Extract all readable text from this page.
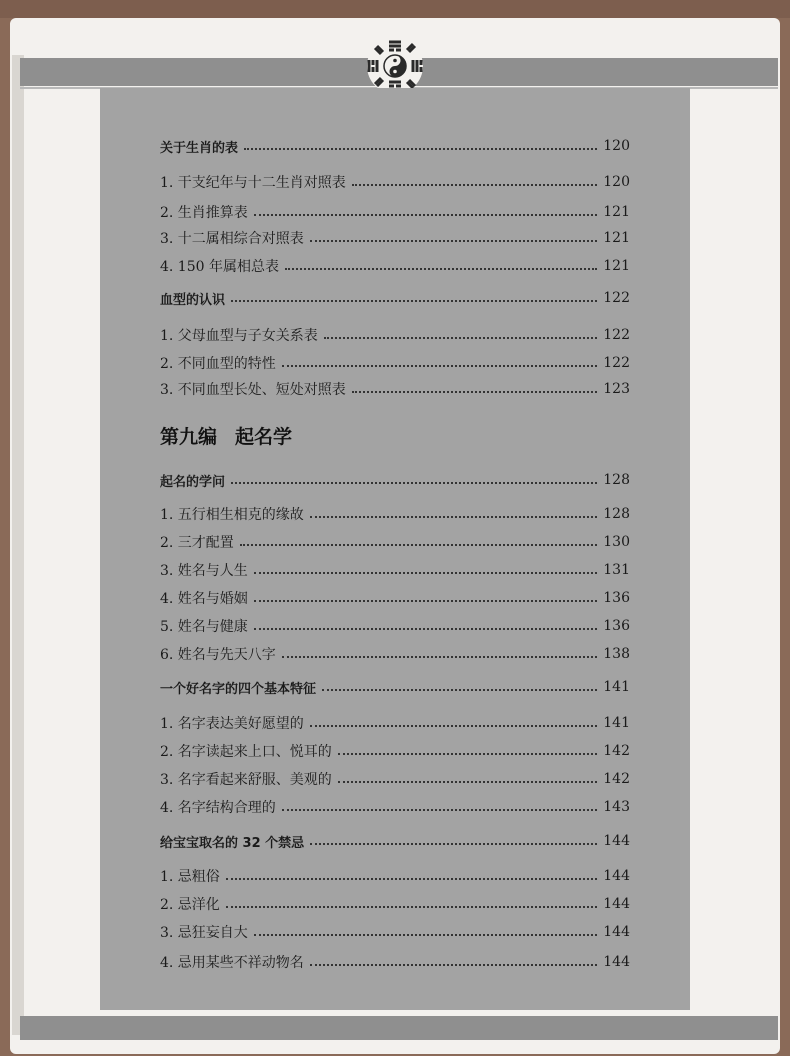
第九编 起名学
关于生肖的表	120
1. 干支纪年与十二生肖对照表	120
2. 生肖推算表	121
3. 十二属相综合对照表	121
4. 150 年属相总表	121
血型的认识	122
1. 父母血型与子女关系表	122
2. 不同血型的特性	122
3. 不同血型长处、短处对照表	123
起名的学问	128
1. 五行相生相克的缘故	128
2. 三才配置	130
3. 姓名与人生	131
4. 姓名与婚姻	136
5. 姓名与健康	136
6. 姓名与先天八字	138
一个好名字的四个基本特征	141
1. 名字表达美好愿望的	141
2. 名字读起来上口、悦耳的	142
3. 名字看起来舒服、美观的	142
4. 名字结构合理的	143
给宝宝取名的 32 个禁忌	144
1. 忌粗俗	144
2. 忌洋化	144
3. 忌狂妄自大	144
4. 忌用某些不祥动物名	144
